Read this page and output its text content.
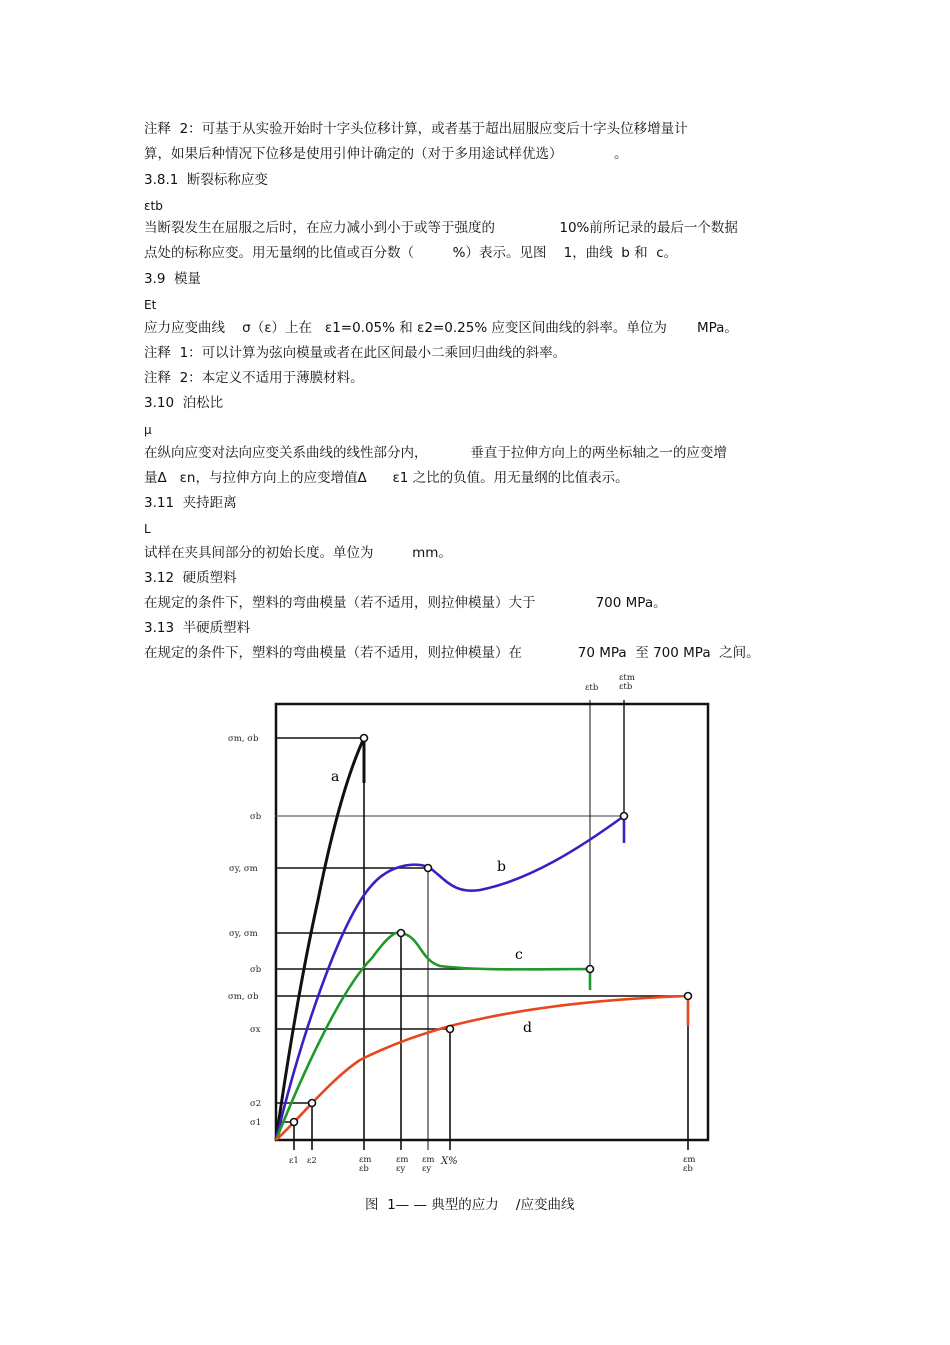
注释  2：可基于从实验开始时十字头位移计算，或者基于超出屈服应变后十字头位移增量计
算，如果后种情况下位移是使用引伸计确定的（对于多用途试样优选）            。
3.8.1  断裂标称应变
εtb
当断裂发生在屈服之后时，在应力减小到小于或等于强度的               10%前所记录的最后一个数据
点处的标称应变。用无量纲的比值或百分数（         %）表示。见图    1，曲线  b 和  c。
3.9  模量
Et
应力应变曲线    σ（ε）上在   ε1=0.05% 和 ε2=0.25% 应变区间曲线的斜率。单位为       MPa。
注释  1：可以计算为弦向模量或者在此区间最小二乘回归曲线的斜率。
注释  2：本定义不适用于薄膜材料。
3.10  泊松比
μ
在纵向应变对法向应变关系曲线的线性部分内，          垂直于拉伸方向上的两坐标轴之一的应变增
量Δ   εn，与拉伸方向上的应变增值Δ      ε1 之比的负值。用无量纲的比值表示。
3.11  夹持距离
L
试样在夹具间部分的初始长度。单位为         mm。
3.12  硬质塑料
在规定的条件下，塑料的弯曲模量（若不适用，则拉伸模量）大于              700 MPa。
3.13  半硬质塑料
在规定的条件下，塑料的弯曲模量（若不适用，则拉伸模量）在             70 MPa  至 700 MPa  之间。
a
b
c
d
σm, σb
σb
σy, σm
σy, σm
σb
σm, σb
σx
σ2
σ1
ε1 ε2	εm εb
εm εy
εm εy
X%	εm εb
εtb
εtm εtb
图  1— — 典型的应力    /应变曲线
